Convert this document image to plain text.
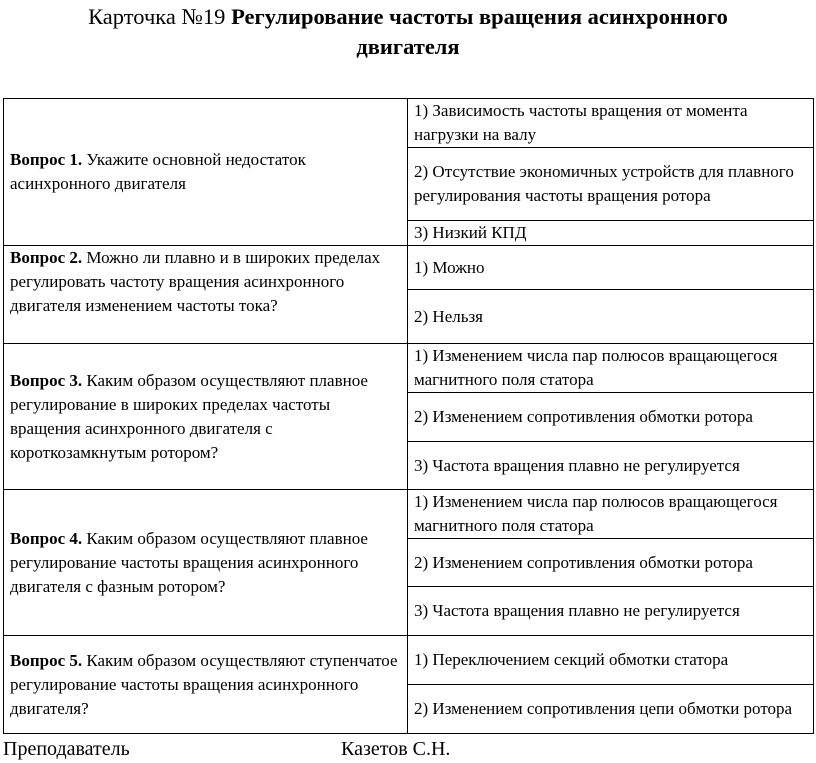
Карточка №19 Регулирование частоты вращения асинхронного
двигателя
Вопрос 1. Укажите основной недостаток асинхронного двигателя	1) Зависимость частоты вращения от момента нагрузки на валу
	2) Отсутствие экономичных устройств для плавного регулирования частоты вращения ротора
	3) Низкий КПД
Вопрос 2. Можно ли плавно и в широких пределах регулировать частоту вращения асинхронного двигателя изменением частоты тока?	1) Можно
	2) Нельзя
Вопрос 3. Каким образом осуществляют плавное регулирование в широких пределах частоты вращения асинхронного двигателя с короткозамкнутым ротором?	1) Изменением числа пар полюсов вращающегося магнитного поля статора
	2) Изменением сопротивления обмотки ротора
	3) Частота вращения плавно не регулируется
Вопрос 4. Каким образом осуществляют плавное регулирование частоты вращения асинхронного двигателя с фазным ротором?	1) Изменением числа пар полюсов вращающегося магнитного поля статора
	2) Изменением сопротивления обмотки ротора
	3) Частота вращения плавно не регулируется
Вопрос 5. Каким образом осуществляют ступенчатое регулирование частоты вращения асинхронного двигателя?	1) Переключением секций обмотки статора
	2) Изменением сопротивления цепи обмотки ротора
Преподаватель	Казетов С.Н.
